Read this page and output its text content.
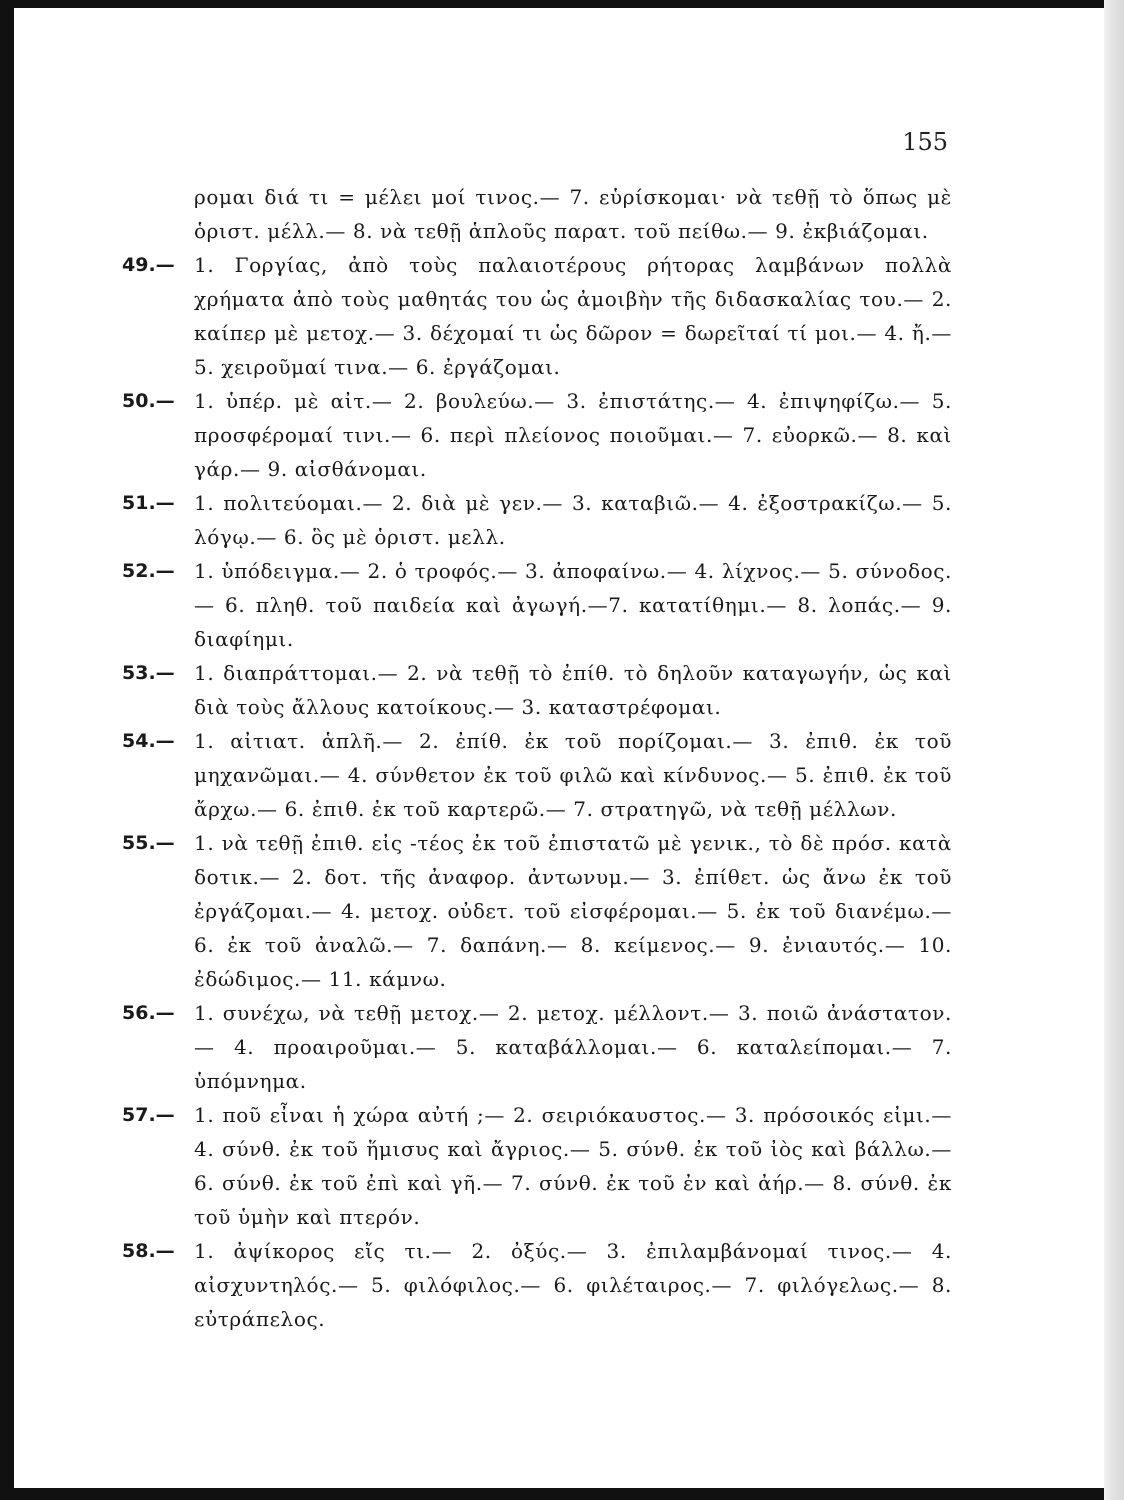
155
ρομαι διά τι = μέλει μοί τινος.— 7. εὑρίσκομαι· νὰ τεθῇ τὸ ὅπως μὲ ὁριστ. μέλλ.— 8. νὰ τεθῇ ἁπλοῦς παρατ. τοῦ πείθω.— 9. ἐκβιάζομαι.
49.— 1. Γοργίας, ἀπὸ τοὺς παλαιοτέρους ρήτορας λαμβάνων πολλὰ χρήματα ἀπὸ τοὺς μαθητάς του ὡς ἀμοιβὴν τῆς διδασκαλίας του.— 2. καίπερ μὲ μετοχ.— 3. δέχομαί τι ὡς δῶρον = δωρεῖταί τί μοι.— 4. ἤ.— 5. χειροῦμαί τινα.— 6. ἐργάζομαι.
50.— 1. ὑπέρ. μὲ αἰτ.— 2. βουλεύω.— 3. ἐπιστάτης.— 4. ἐπιψηφίζω.— 5. προσφέρομαί τινι.— 6. περὶ πλείονος ποιοῦμαι.— 7. εὐορκῶ.— 8. καὶ γάρ.— 9. αἰσθάνομαι.
51.— 1. πολιτεύομαι.— 2. διὰ μὲ γεν.— 3. καταβιῶ.— 4. ἐξοστρακίζω.— 5. λόγῳ.— 6. ὃς μὲ ὁριστ. μελλ.
52.— 1. ὑπόδειγμα.— 2. ὁ τροφός.— 3. ἀποφαίνω.— 4. λίχνος.— 5. σύνοδος.— 6. πληθ. τοῦ παιδεία καὶ ἀγωγή.—7. κατατίθημι.— 8. λοπάς.— 9. διαφίημι.
53.— 1. διαπράττομαι.— 2. νὰ τεθῇ τὸ ἐπίθ. τὸ δηλοῦν καταγωγήν, ὡς καὶ διὰ τοὺς ἄλλους κατοίκους.— 3. καταστρέφομαι.
54.— 1. αἰτιατ. ἁπλῆ.— 2. ἐπίθ. ἐκ τοῦ πορίζομαι.— 3. ἐπιθ. ἐκ τοῦ μηχανῶμαι.— 4. σύνθετον ἐκ τοῦ φιλῶ καὶ κίνδυνος.— 5. ἐπιθ. ἐκ τοῦ ἄρχω.— 6. ἐπιθ. ἐκ τοῦ καρτερῶ.— 7. στρατηγῶ, νὰ τεθῇ μέλλων.
55.— 1. νὰ τεθῇ ἐπιθ. εἰς -τέος ἐκ τοῦ ἐπιστατῶ μὲ γενικ., τὸ δὲ πρόσ. κατὰ δοτικ.— 2. δοτ. τῆς ἀναφορ. ἀντωνυμ.— 3. ἐπίθετ. ὡς ἄνω ἐκ τοῦ ἐργάζομαι.— 4. μετοχ. οὐδετ. τοῦ εἰσφέρομαι.— 5. ἐκ τοῦ διανέμω.— 6. ἐκ τοῦ ἀναλῶ.— 7. δαπάνη.— 8. κείμενος.— 9. ἐνιαυτός.— 10. ἐδώδιμος.— 11. κάμνω.
56.— 1. συνέχω, νὰ τεθῇ μετοχ.— 2. μετοχ. μέλλοντ.— 3. ποιῶ ἀνάστατον.— 4. προαιροῦμαι.— 5. καταβάλλομαι.— 6. καταλείπομαι.— 7. ὑπόμνημα.
57.— 1. ποῦ εἶναι ἡ χώρα αὐτή ;— 2. σειριόκαυστος.— 3. πρόσοικός εἰμι.— 4. σύνθ. ἐκ τοῦ ἥμισυς καὶ ἄγριος.— 5. σύνθ. ἐκ τοῦ ἰὸς καὶ βάλλω.— 6. σύνθ. ἐκ τοῦ ἐπὶ καὶ γῆ.— 7. σύνθ. ἐκ τοῦ ἐν καὶ ἀήρ.— 8. σύνθ. ἐκ τοῦ ὑμὴν καὶ πτερόν.
58.— 1. ἀψίκορος εἴς τι.— 2. ὀξύς.— 3. ἐπιλαμβάνομαί τινος.— 4. αἰσχυντηλός.— 5. φιλόφιλος.— 6. φιλέταιρος.— 7. φιλόγελως.— 8. εὐτράπελος.
